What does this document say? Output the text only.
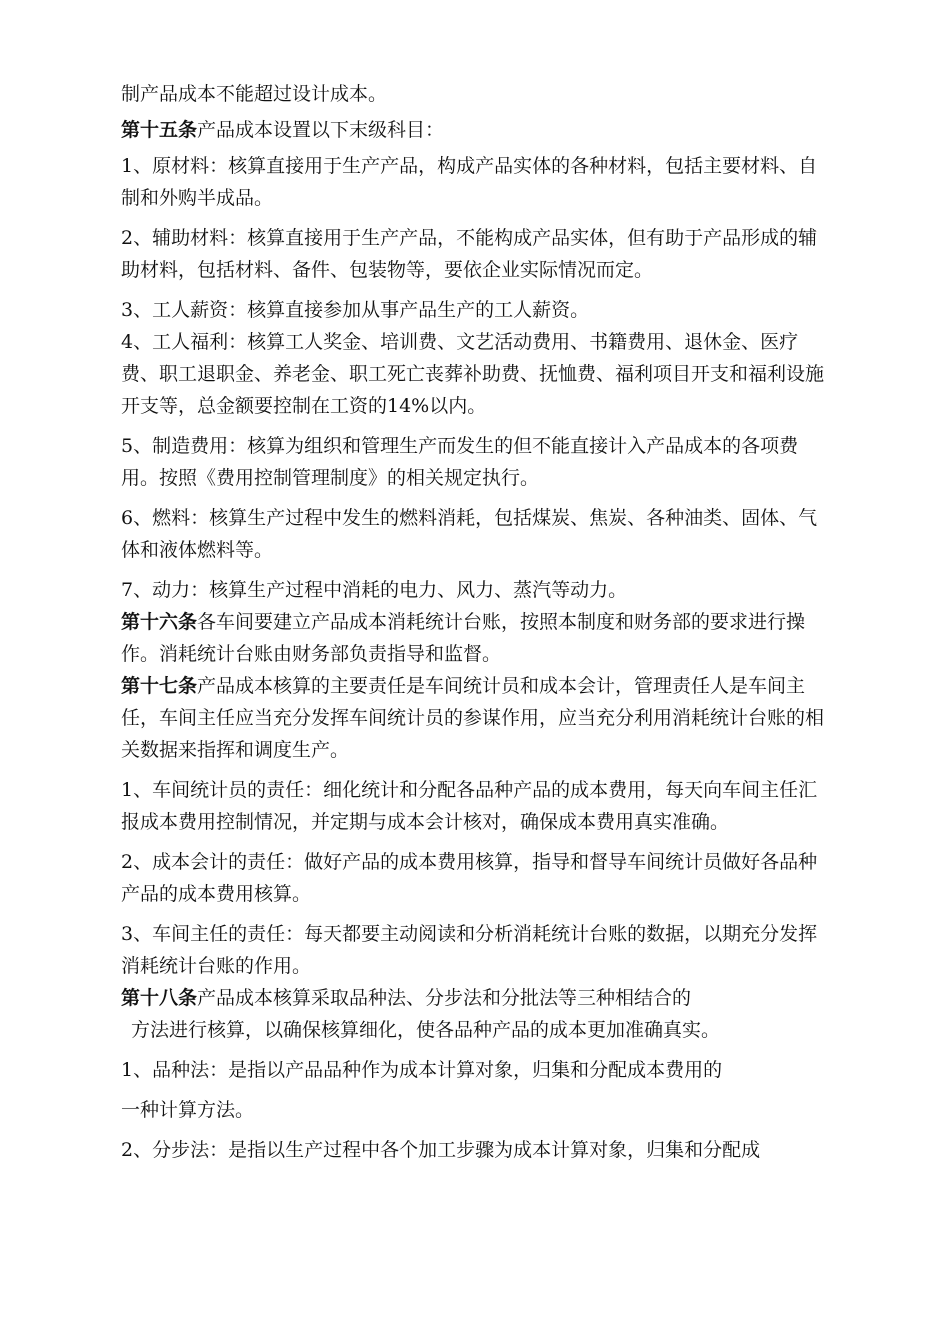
制产品成本不能超过设计成本。

第十五条产品成本设置以下末级科目：

1、原材料：核算直接用于生产产品，构成产品实体的各种材料，包括主要材料、自制和外购半成品。

2、辅助材料：核算直接用于生产产品，不能构成产品实体，但有助于产品形成的辅助材料，包括材料、备件、包装物等，要依企业实际情况而定。

3、工人薪资：核算直接参加从事产品生产的工人薪资。

4、工人福利：核算工人奖金、培训费、文艺活动费用、书籍费用、退休金、医疗费、职工退职金、养老金、职工死亡丧葬补助费、抚恤费、福利项目开支和福利设施开支等，总金额要控制在工资的14%以内。

5、制造费用：核算为组织和管理生产而发生的但不能直接计入产品成本的各项费用。按照《费用控制管理制度》的相关规定执行。

6、燃料：核算生产过程中发生的燃料消耗，包括煤炭、焦炭、各种油类、固体、气体和液体燃料等。

7、动力：核算生产过程中消耗的电力、风力、蒸汽等动力。

第十六条各车间要建立产品成本消耗统计台账，按照本制度和财务部的要求进行操作。消耗统计台账由财务部负责指导和监督。

第十七条产品成本核算的主要责任是车间统计员和成本会计，管理责任人是车间主任，车间主任应当充分发挥车间统计员的参谋作用，应当充分利用消耗统计台账的相关数据来指挥和调度生产。

1、车间统计员的责任：细化统计和分配各品种产品的成本费用，每天向车间主任汇报成本费用控制情况，并定期与成本会计核对，确保成本费用真实准确。

2、成本会计的责任：做好产品的成本费用核算，指导和督导车间统计员做好各品种产品的成本费用核算。

3、车间主任的责任：每天都要主动阅读和分析消耗统计台账的数据，以期充分发挥消耗统计台账的作用。

第十八条产品成本核算采取品种法、分步法和分批法等三种相结合的

方法进行核算，以确保核算细化，使各品种产品的成本更加准确真实。

1、品种法：是指以产品品种作为成本计算对象，归集和分配成本费用的

一种计算方法。

2、分步法：是指以生产过程中各个加工步骤为成本计算对象，归集和分配成
